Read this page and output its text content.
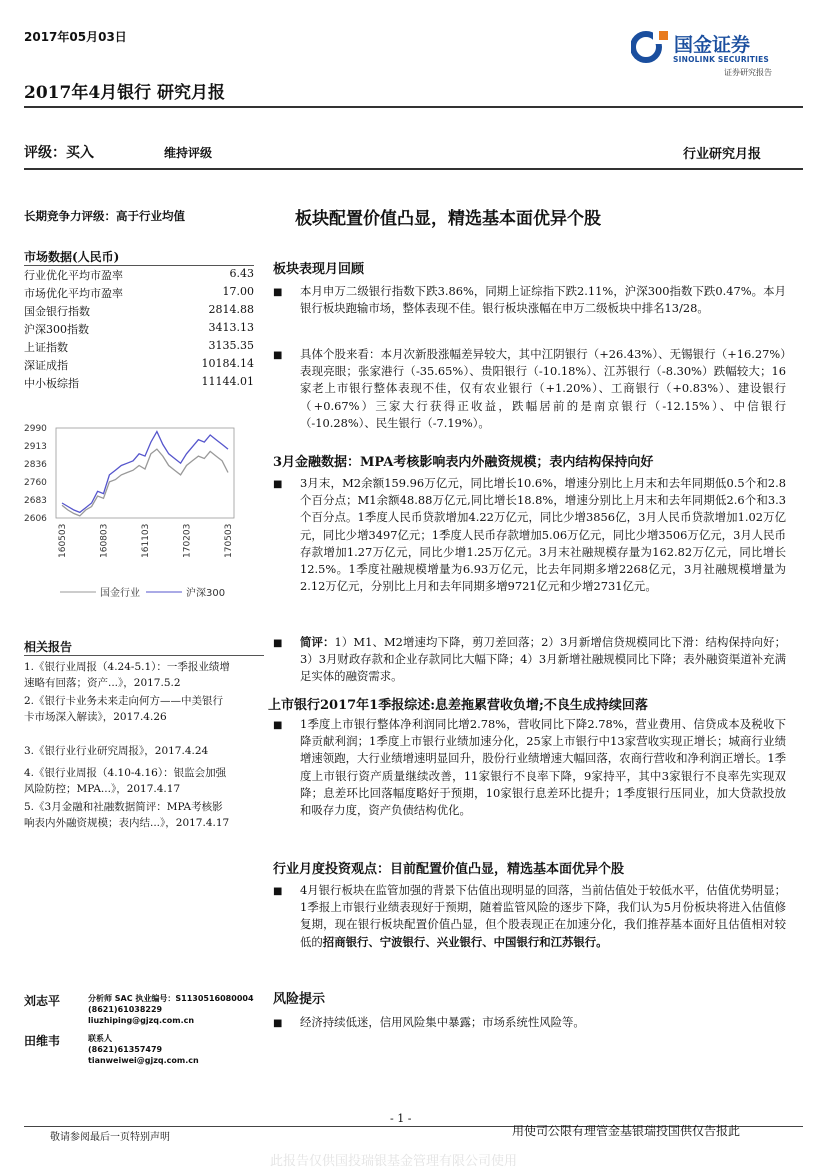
2017年05月03日
2017年4月银行 研究月报
国金证券
SINOLINK SECURITIES
证券研究报告
评级：买入	维持评级	行业研究月报
长期竞争力评级：高于行业均值
市场数据(人民币)
行业优化平均市盈率	6.43
市场优化平均市盈率	17.00
国金银行指数	2814.88
沪深300指数	3413.13
上证指数	3135.35
深证成指	10184.14
中小板综指	11144.01
2990
2913
2836
2760
2683
2606
160503	160803	161103	170203	170503
国金行业	沪深300
相关报告
1.《银行业周报（4.24-5.1）：一季报业绩增
速略有回落；资产...》，2017.5.2
2.《银行卡业务未来走向何方——中美银行
卡市场深入解读》，2017.4.26
3.《银行业行业研究周报》，2017.4.24
4.《银行业周报（4.10-4.16）：银监会加强
风险防控；MPA...》，2017.4.17
5.《3月金融和社融数据简评：MPA考核影
响表内外融资规模；表内结...》，2017.4.17
刘志平	分析师 SAC 执业编号：S1130516080004
(8621)61038229
liuzhiping@gjzq.com.cn
田维韦	联系人
(8621)61357479
tianweiwei@gjzq.com.cn
板块配置价值凸显，精选基本面优异个股
板块表现月回顾
■ 本月申万二级银行指数下跌3.86%，同期上证综指下跌2.11%，沪深300指数下跌0.47%。本月银行板块跑输市场，整体表现不佳。银行板块涨幅在申万二级板块中排名13/28。
■ 具体个股来看：本月次新股涨幅差异较大，其中江阴银行（+26.43%）、无锡银行（+16.27%）表现亮眼；张家港行（-35.65%）、贵阳银行（-10.18%）、江苏银行（-8.30%）跌幅较大；16家老上市银行整体表现不佳，仅有农业银行（+1.20%）、工商银行（+0.83%）、建设银行（+0.67%）三家大行获得正收益，跌幅居前的是南京银行（-12.15%）、中信银行（-10.28%）、民生银行（-7.19%）。
3月金融数据：MPA考核影响表内外融资规模；表内结构保持向好
■ 3月末，M2余额159.96万亿元，同比增长10.6%，增速分别比上月末和去年同期低0.5个和2.8个百分点；M1余额48.88万亿元,同比增长18.8%，增速分别比上月末和去年同期低2.6个和3.3个百分点。1季度人民币贷款增加4.22万亿元，同比少增3856亿，3月人民币贷款增加1.02万亿元，同比少增3497亿元；1季度人民币存款增加5.06万亿元，同比少增3506万亿元，3月人民币存款增加1.27万亿元，同比少增1.25万亿元。3月末社融规模存量为162.82万亿元，同比增长12.5%。1季度社融规模增量为6.93万亿元，比去年同期多增2268亿元，3月社融规模增量为2.12万亿元，分别比上月和去年同期多增9721亿元和少增2731亿元。
■ 简评：1）M1、M2增速均下降，剪刀差回落；2）3月新增信贷规模同比下滑：结构保持向好；3）3月财政存款和企业存款同比大幅下降；4）3月新增社融规模同比下降；表外融资渠道补充满足实体的融资需求。
上市银行2017年1季报综述:息差拖累营收负增;不良生成持续回落
■ 1季度上市银行整体净利润同比增2.78%，营收同比下降2.78%，营业费用、信贷成本及税收下降贡献利润；1季度上市银行业绩加速分化，25家上市银行中13家营收实现正增长；城商行业绩增速领跑，大行业绩增速明显回升，股份行业绩增速大幅回落，农商行营收和净利润正增长。1季度上市银行资产质量继续改善，11家银行不良率下降，9家持平，其中3家银行不良率先实现双降；息差环比回落幅度略好于预期，10家银行息差环比提升；1季度银行压同业，加大贷款投放和吸存力度，资产负债结构优化。
行业月度投资观点：目前配置价值凸显，精选基本面优异个股
■ 4月银行板块在监管加强的背景下估值出现明显的回落，当前估值处于较低水平，估值优势明显；1季报上市银行业绩表现好于预期，随着监管风险的逐步下降，我们认为5月份板块将进入估值修复期，现在银行板块配置价值凸显，但个股表现正在加速分化，我们推荐基本面好且估值相对较低的招商银行、宁波银行、兴业银行、中国银行和江苏银行。
风险提示
■ 经济持续低迷，信用风险集中暴露；市场系统性风险等。
- 1 -
敬请参阅最后一页特别声明	用使司公限有理管金基银瑞投国供仅告报此
此报告仅供国投瑞银基金管理有限公司使用
